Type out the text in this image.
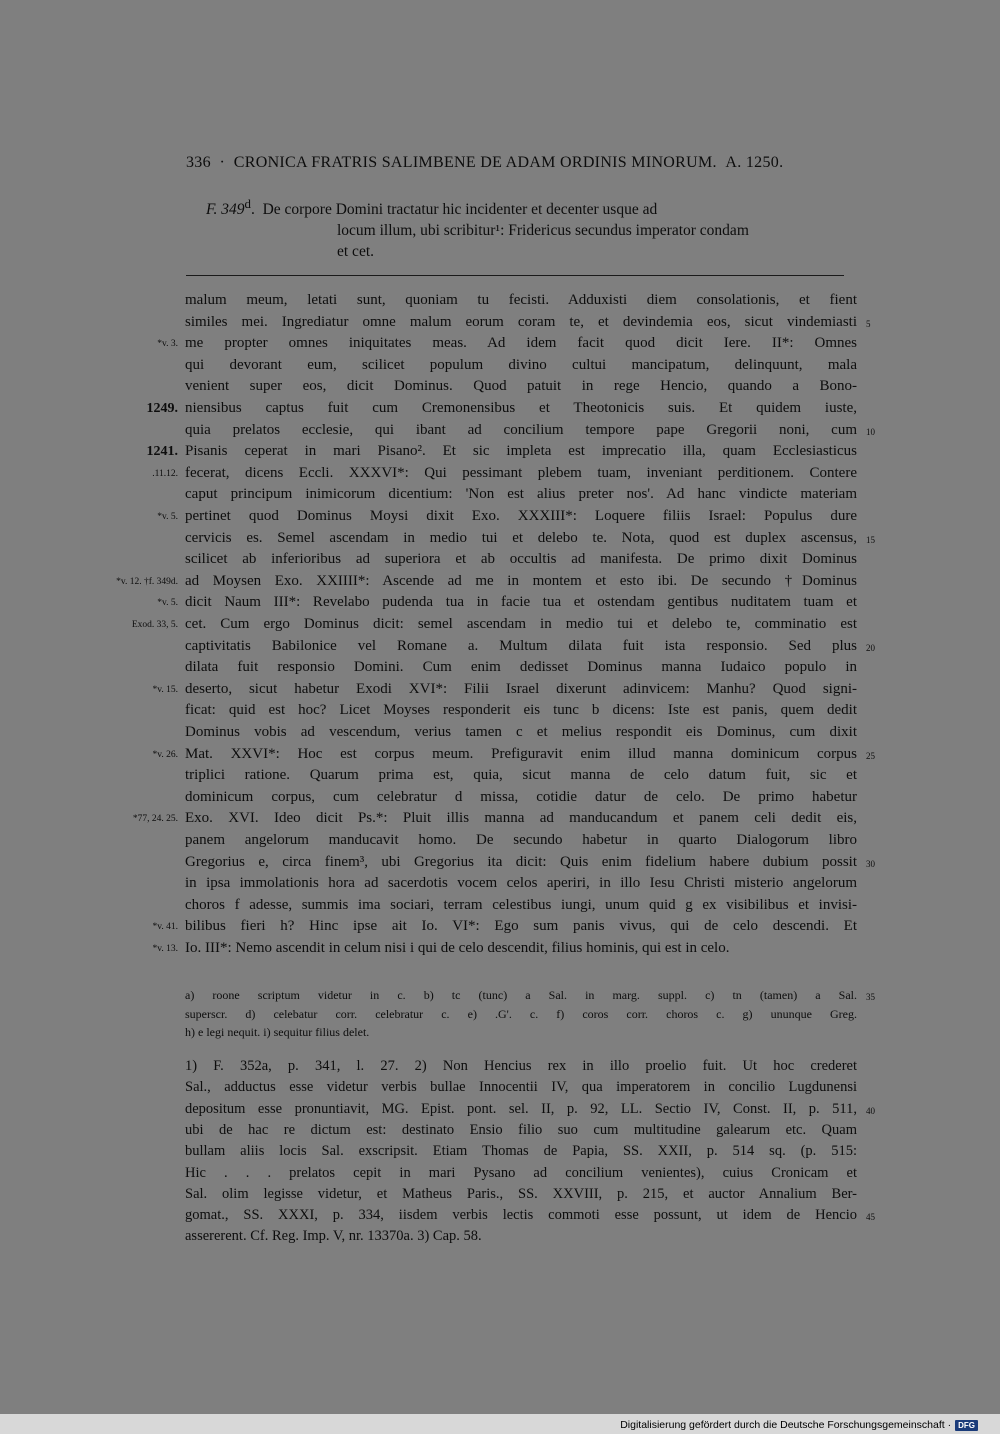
336 · CRONICA FRATRIS SALIMBENE DE ADAM ORDINIS MINORUM. A. 1250.
F. 349$^d$.  De corpore Domini tractatur hic incidenter et decenter usque ad
locum illum, ubi scribitur¹: Fridericus secundus imperator condam
et cet.
malum meum, letati sunt, quoniam tu fecisti. Adduxisti diem consolationis, et fient
similes mei. Ingrediatur omne malum eorum coram te, et devindemia eos, sicut vindemiasti 5
*v. 3. me propter omnes iniquitates meas. Ad idem facit quod dicit Iere. II*: Omnes
qui devorant eum, scilicet populum divino cultui mancipatum, delinquunt, mala
venient super eos, dicit Dominus. Quod patuit in rege Hencio, quando a Bono-
1249. niensibus captus fuit cum Cremonensibus et Theotonicis suis. Et quidem iuste,
quia prelatos ecclesie, qui ibant ad concilium tempore pape Gregorii noni, cum 10
1241. Pisanis ceperat in mari Pisano². Et sic impleta est imprecatio illa, quam Ecclesiasticus
.11.12. fecerat, dicens Eccli. XXXVI*: Qui pessimant plebem tuam, inveniant perditionem. Contere
caput principum inimicorum dicentium: 'Non est alius preter nos'. Ad hanc vindicte materiam
*v. 5. pertinet quod Dominus Moysi dixit Exo. XXXIII*: Loquere filiis Israel: Populus dure
cervicis es. Semel ascendam in medio tui et delebo te. Nota, quod est duplex ascensus, 15
scilicet ab inferioribus ad superiora et ab occultis ad manifesta. De primo dixit Dominus
*v. 12. †f. 349d. ad Moysen Exo. XXIIII*: Ascende ad me in montem et esto ibi. De secundo †Dominus
*v. 5. dicit Naum III*: Revelabo pudenda tua in facie tua et ostendam gentibus nuditatem tuam et
Exod. 33, 5. cet. Cum ergo Dominus dicit: semel ascendam in medio tui et delebo te, comminatio est
captivitatis Babilonice vel Romane a. Multum dilata fuit ista responsio. Sed plus 20
dilata fuit responsio Domini. Cum enim dedisset Dominus manna Iudaico populo in
*v. 15. deserto, sicut habetur Exodi XVI*: Filii Israel dixerunt adinvicem: Manhu? Quod signi-
ficat: quid est hoc? Licet Moyses responderit eis tunc b dicens: Iste est panis, quem dedit
Dominus vobis ad vescendum, verius tamen c et melius respondit eis Dominus, cum dixit
*v. 26. Mat. XXVI*: Hoc est corpus meum. Prefiguravit enim illud manna dominicum corpus 25
triplici ratione. Quarum prima est, quia, sicut manna de celo datum fuit, sic et
dominicum corpus, cum celebratur d missa, cotidie datur de celo. De primo habetur
*77, 24. 25. Exo. XVI. Ideo dicit Ps.*: Pluit illis manna ad manducandum et panem celi dedit eis,
panem angelorum manducavit homo. De secundo habetur in quarto Dialogorum libro
Gregorius e, circa finem³, ubi Gregorius ita dicit: Quis enim fidelium habere dubium possit 30
in ipsa immolationis hora ad sacerdotis vocem celos aperiri, in illo Iesu Christi misterio angelorum
choros f adesse, summis ima sociari, terram celestibus iungi, unum quid g ex visibilibus et invisi-
*v. 41. bilibus fieri h? Hinc ipse ait Io. VI*: Ego sum panis vivus, qui de celo descendi. Et
*v. 13. Io. III*: Nemo ascendit in celum nisi i qui de celo descendit, filius hominis, qui est in celo.
a) roone scriptum videtur in c. b) tc (tunc) a Sal. in marg. suppl. c) tn (tamen) a Sal. 35
superscr. d) celebatur corr. celebratur c. e) .G'. c. f) coros corr. choros c. g) ununque Greg.
h) e legi nequit. i) sequitur filius delet.
1) F. 352a, p. 341, l. 27. 2) Non Hencius rex in illo proelio fuit. Ut hoc crederet
Sal., adductus esse videtur verbis bullae Innocentii IV, qua imperatorem in concilio Lugdunensi
depositum esse pronuntiavit, MG. Epist. pont. sel. II, p. 92, LL. Sectio IV, Const. II, p. 511, 40
ubi de hac re dictum est: destinato Ensio filio suo cum multitudine galearum etc. Quam
bullam aliis locis Sal. exscripsit. Etiam Thomas de Papia, SS. XXII, p. 514 sq. (p. 515:
Hic . . . prelatos cepit in mari Pysano ad concilium venientes), cuius Cronicam et
Sal. olim legisse videtur, et Matheus Paris., SS. XXVIII, p. 215, et auctor Annalium Ber-
gomat., SS. XXXI, p. 334, iisdem verbis lectis commoti esse possunt, ut idem de Hencio 45
assererent. Cf. Reg. Imp. V, nr. 13370a. 3) Cap. 58.
Digitalisierung gefördert durch die Deutsche Forschungsgemeinschaft · DFG
